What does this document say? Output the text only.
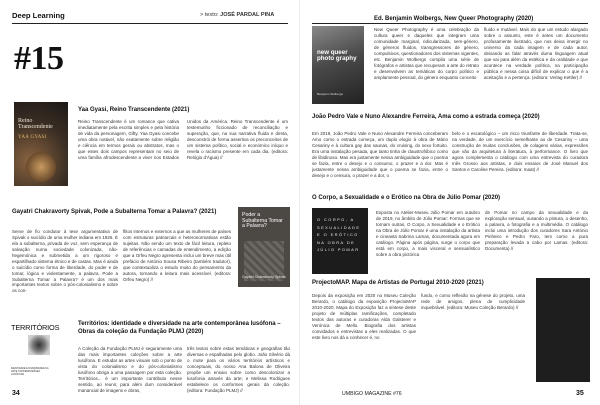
Deep Learning	> texto: JOSÉ PARDAL PINA
#15
Reino Transcendente
YAA GYASI
Yaa Gyasi, Reino Transcendente (2021)
Reino Transcendente é um romance que cativa imediatamente pela escrita simples e pela história de vida da personagem, Gifty. Yaa Gyasi concebe uma obra notável, não exatamente sobre religião e ciência em termos gerais ou abstratos, mas o que estes dois campos representam no seio de uma família afrodescendente a viver nos Estados Unidos da América. Reino Transcendente é um testemunho ficcionado de reconciliação e superação, que, na sua narrativa fluida e direta, desconstrói de forma assertiva os preconceitos de um sistema político, social e económico iníquo e revela o racismo presente em cada dia. (editora: Relógio d'Água) //
Gayatri Chakravorty Spivak, Pode a Subalterna Tomar a Palavra? (2021)	Poder a Subalterna Tomar a Palavra?
Gayatri Chakravorty Spivak
Serve de fio condutor à tese argumentativa de Spivak o suicídio de uma mulher indiana em 1926. É ela a subalterna, privada de voz, sem esperança de salvação numa sociedade colonizada, não-hegemónica e submetida a um rigoroso e espartilhado sistema étnico e de castas. Mas é ainda o suicídio como forma de liberdade, do poder e de tomar, lógica e violentamente, a palavra. Pode a Subalterna Tomar a Palavra? é um dos mais importantes textos sobre o pós-colonialismo e sobre os con-
flitos internos e externos a que as mulheres de países com estruturas patriarcais e heteronormativas estão sujeitas. Não sendo um texto de fácil leitura, repleto de referências e camadas de entendimento, a edição que a Orfeu Negro apresenta inclui um breve mas útil prefácio de António Sousa Ribeiro (também tradutor), que contextualiza o estudo muito do pensamento da autora, tornando a leitura mais acessível. (editora: Orfeu Negro) //
TERRITÓRIOS
IDENTIDADE E DIVERSIDADE NA ARTE CONTEMPORÂNEA LUSÓFONA
Territórios: identidade e diversidade na arte contemporânea lusófona – Obras da coleção da Fundação PLMJ (2020)
A Coleção da Fundação PLMJ é seguramente uma das mais importantes coleções sobre a arte lusófona. E estudar as artes visuais sob o ponto de vista do colonialismo e do pós-colonialismo lusófono obriga a uma passagem por esta coleção. Territórios... é um importante contributo nesse sentido, ao reunir, para além dum considerável manancial de imagens e obras,
três textos sobre estas temáticas e geografias tão diversas e espalhadas pelo globo. João Silvério dá o mote para os vários territórios artísticos e conceptuais, do nosso Ana Balona de Oliveira propõe um ensaio sobre como descolonizar a lusofonia através da arte; e Melissa Rodrigues estabelece os conformes gerais da coleção. (editora: Fundação PLMJ) //
34
new queer photo graphy
Benjamin Wolbergs
Ed. Benjamin Wolbergs, New Queer Photography (2020)
New Queer Photography é uma celebração da cultura queer e daqueles que integram uma comunidade marginal, ridicularizada, sem-género, de géneros fluidos, transgressores de género, compulsivos, questionadores dos sistemas vigentes, etc. Benjamin Wolbergs compila uma série de fotógrafos e artistas que recuperam a arte do retrato e desenvolvem as temáticas do corpo político e amplamente pessoal, do género enquanto conceito
fluido e mutável. Mais do que um estudo alargado sobre o assunto, este é antes um documento profusamente ilustrado, que nos deixa imergir no universo da cada imagem e de cada autor, deixando as falar através duma linguagem atual que vai para além da estética e da oralidade e que acontece na verdade política, na participação pública e nessa coisa difícil de explicar o que é a aceitação e a pertença. (editora: Verlag Kettler) //
João Pedro Vale e Nuno Alexandre Ferreira, Ama como a estrada começa (2020)
Em 2019, João Pedro Vale e Nuno Alexandre Ferreira conceberam Amo como o estrada começa, um duplo elogio à obra de Mário Cesariny e à cultura gay das saunas, do cruising, do sexo fortuito. Era uma instalação pesada, que tanto tinha de claustrofóbico como de libidinoso. Mas era justamente nessa ambiguidade que o poema se fazia, entre o desejo e o consumo, o prazer e a dor. Mas é justamente nessa ambiguidade que o poema se fazia, entre o desejo e o censura, o prazer e a dor, o
belo e o escatológico – um risco triunfante de liberdade. Trata-se, na verdade, de um exercício semelhante ao de Cesariny – uma construção de muitas conclusões, de colagens várias, expressões que vão da arquitetura à literatura, à performance. O livro que agora complementa o catálogo com uma entrevista do curadora Inês Grosso aos artistas, e dois ensaios de José Manuel dos Santos e Caroline Pereira. (editora: maat) //
O Corpo, a Sexualidade e o Erótico na Obra de Júlio Pomar (2020)
O CORPO, A SEXUALIDADE E O ERÓTICO NA OBRA DE JÚLIO POMAR
Exposta no Atelier-Museu Júlio Pomar em outubro de 2019, no âmbito de Júlio Pomar: Formas que se tornam outras, O Corpo, a Sexualidade e o Erótico na Obra de Júlio Pomar é uma instalação da artista e cineasta Sabrina Lamas, documentada agora em catálogo. Página após página, surge o corpo que está em corpo, a mais visceral e sensualístico sobre a obra pictórica
de Pomar no campo da sexualidade e da exploração sensual, ousando a pintura, o desenho, a palavra, a fotografia e a multimédia. O catálogo inclui uma introdução dos curadores Sara António Pinheiro e Pedro Faro, tem como a pura preparação levada a cabo por Lamas. (editora: Documenta) //
ProjectoMAP. Mapa de Artistas de Portugal 2010-2020 (2021)
Depois da exposição em 2020 no Museu Coleção Berardo, o catálogo da exposição ProjectoMAP 2010-2020. Mapa do Exposição faz a síntese deste projeto de múltiplas ramificações, completado textos das autoras e curadoras Alda Galsterer e Verónica de Mello. Biografia dos artistas convidados e entrevistas a eles realizadas. O que este livro nos dá a conhecer é, no
fundo, e como reflexão na génese do projeto, uma rede de amigos, plena de cumplicidade inquebrável. (editora: Museu Coleção Berardo) //
UMBIGO MAGAZINE #76	35
